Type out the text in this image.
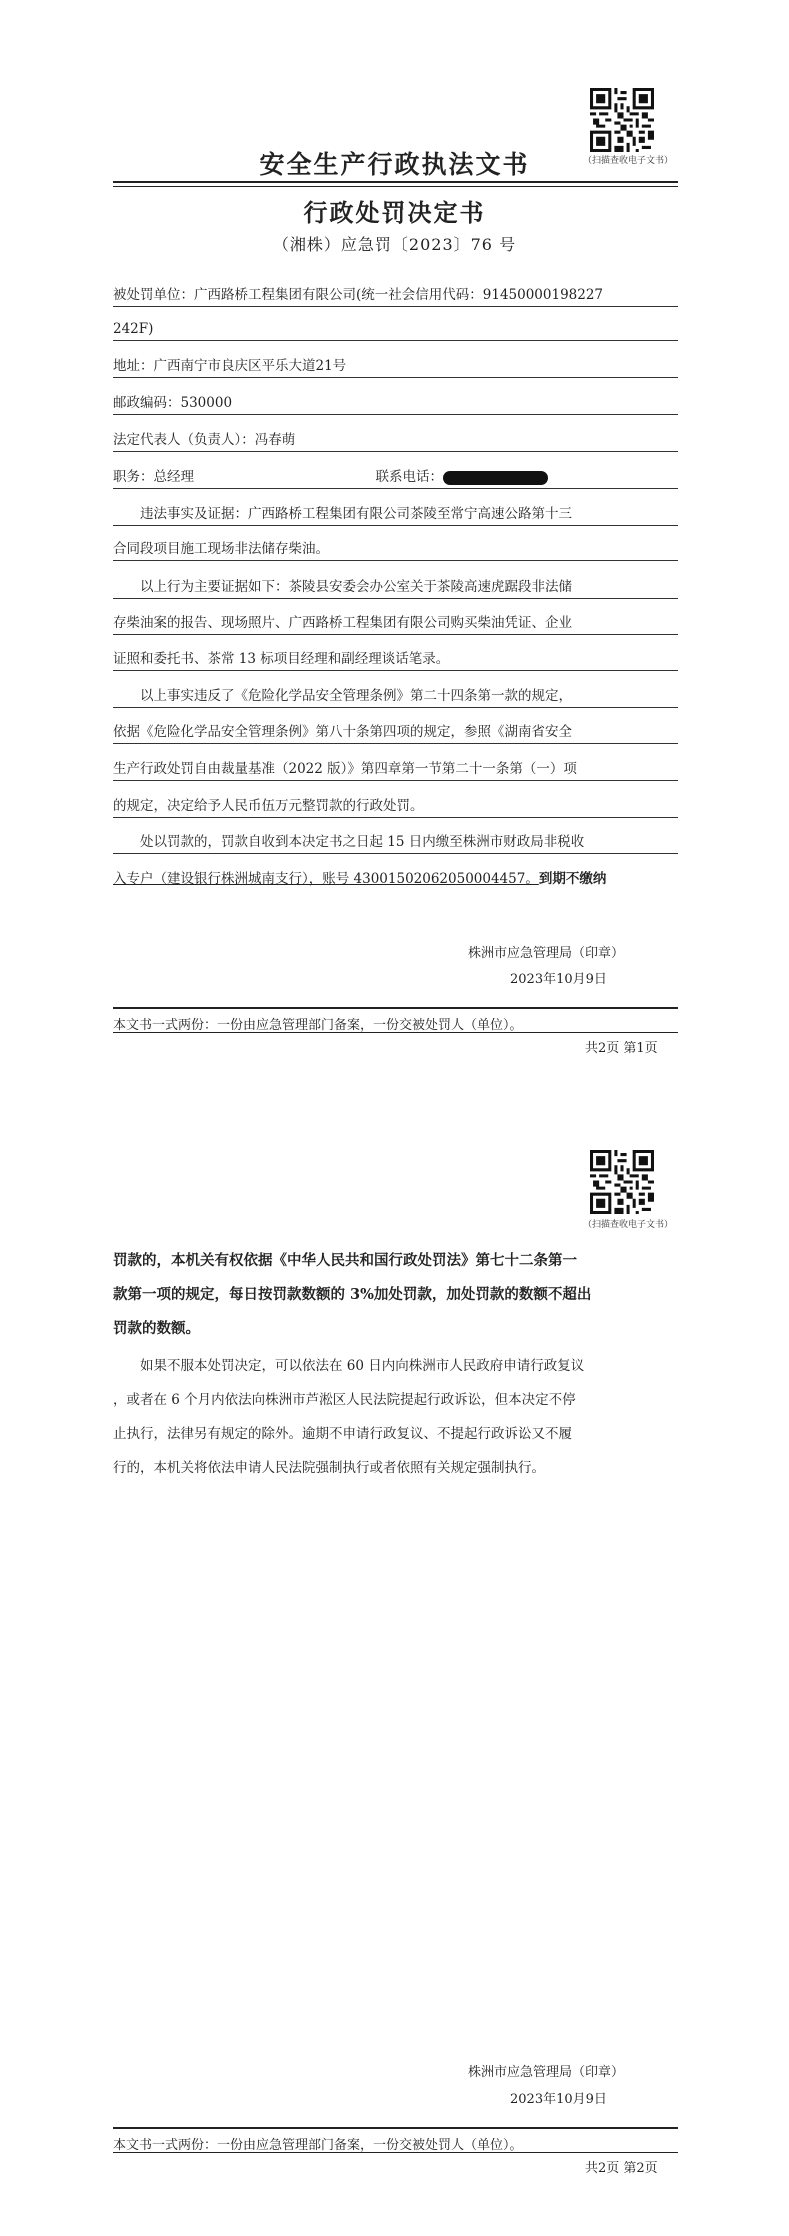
（扫描查收电子文书）
安全生产行政执法文书
行政处罚决定书
（湘株）应急罚〔2023〕76 号
被处罚单位：广西路桥工程集团有限公司(统一社会信用代码：91450000198227
242F)
地址：广西南宁市良庆区平乐大道21号
邮政编码：530000
法定代表人（负责人）：冯春萌
职务：总经理	联系电话：
违法事实及证据：广西路桥工程集团有限公司茶陵至常宁高速公路第十三
合同段项目施工现场非法储存柴油。
以上行为主要证据如下：茶陵县安委会办公室关于茶陵高速虎踞段非法储
存柴油案的报告、现场照片、广西路桥工程集团有限公司购买柴油凭证、企业
证照和委托书、茶常 13 标项目经理和副经理谈话笔录。
以上事实违反了《危险化学品安全管理条例》第二十四条第一款的规定，
依据《危险化学品安全管理条例》第八十条第四项的规定，参照《湖南省安全
生产行政处罚自由裁量基准（2022 版）》第四章第一节第二十一条第（一）项
的规定，决定给予人民币伍万元整罚款的行政处罚。
处以罚款的，罚款自收到本决定书之日起 15 日内缴至株洲市财政局非税收
入专户（建设银行株洲城南支行），账号 43001502062050004457。到期不缴纳
株洲市应急管理局（印章）
2023年10月9日
本文书一式两份：一份由应急管理部门备案，一份交被处罚人（单位）。
共2页 第1页
（扫描查收电子文书）
罚款的，本机关有权依据《中华人民共和国行政处罚法》第七十二条第一
款第一项的规定，每日按罚款数额的 3%加处罚款，加处罚款的数额不超出
罚款的数额。
如果不服本处罚决定，可以依法在 60 日内向株洲市人民政府申请行政复议
，或者在 6 个月内依法向株洲市芦淞区人民法院提起行政诉讼，但本决定不停
止执行，法律另有规定的除外。逾期不申请行政复议、不提起行政诉讼又不履
行的，本机关将依法申请人民法院强制执行或者依照有关规定强制执行。
株洲市应急管理局（印章）
2023年10月9日
本文书一式两份：一份由应急管理部门备案，一份交被处罚人（单位）。
共2页 第2页
